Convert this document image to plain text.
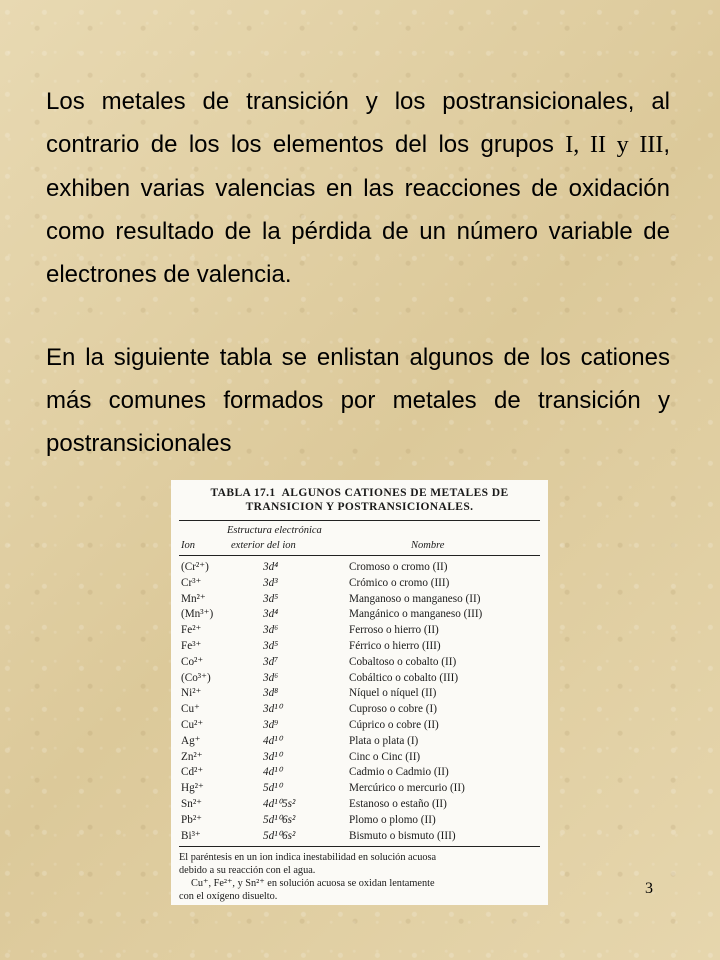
Los metales de transición y los postransicionales, al contrario de los los elementos del los grupos I, II y III, exhiben varias valencias en las reacciones de oxidación como resultado de la pérdida de un número variable de electrones de valencia.

En la siguiente tabla se enlistan algunos de los cationes más comunes formados por metales de transición y postransicionales

TABLA 17.1 ALGUNOS CATIONES DE METALES DE
TRANSICION Y POSTRANSICIONALES.

Ion
Estructura electrónica
exterior del ion	Nombre
(Cr²⁺)	3d⁴	Cromoso o cromo (II)
Cr³⁺	3d³	Crómico o cromo (III)
Mn²⁺	3d⁵	Manganoso o manganeso (II)
(Mn³⁺)	3d⁴	Mangánico o manganeso (III)
Fe²⁺	3d⁶	Ferroso o hierro (II)
Fe³⁺	3d⁵	Férrico o hierro (III)
Co²⁺	3d⁷	Cobaltoso o cobalto (II)
(Co³⁺)	3d⁶	Cobáltico o cobalto (III)
Ni²⁺	3d⁸	Níquel o níquel (II)
Cu⁺	3d¹⁰	Cuproso o cobre (I)
Cu²⁺	3d⁹	Cúprico o cobre (II)
Ag⁺	4d¹⁰	Plata o plata (I)
Zn²⁺	3d¹⁰	Cinc o Cinc (II)
Cd²⁺	4d¹⁰	Cadmio o Cadmio (II)
Hg²⁺	5d¹⁰	Mercúrico o mercurio (II)
Sn²⁺	4d¹⁰5s²	Estanoso o estaño (II)
Pb²⁺	5d¹⁰6s²	Plomo o plomo (II)
Bi³⁺	5d¹⁰6s²	Bismuto o bismuto (III)

El paréntesis en un ion indica inestabilidad en solución acuosa

debido a su reacción con el agua.

Cu⁺, Fe²⁺, y Sn²⁺ en solución acuosa se oxidan lentamente

con el oxígeno disuelto.	3
